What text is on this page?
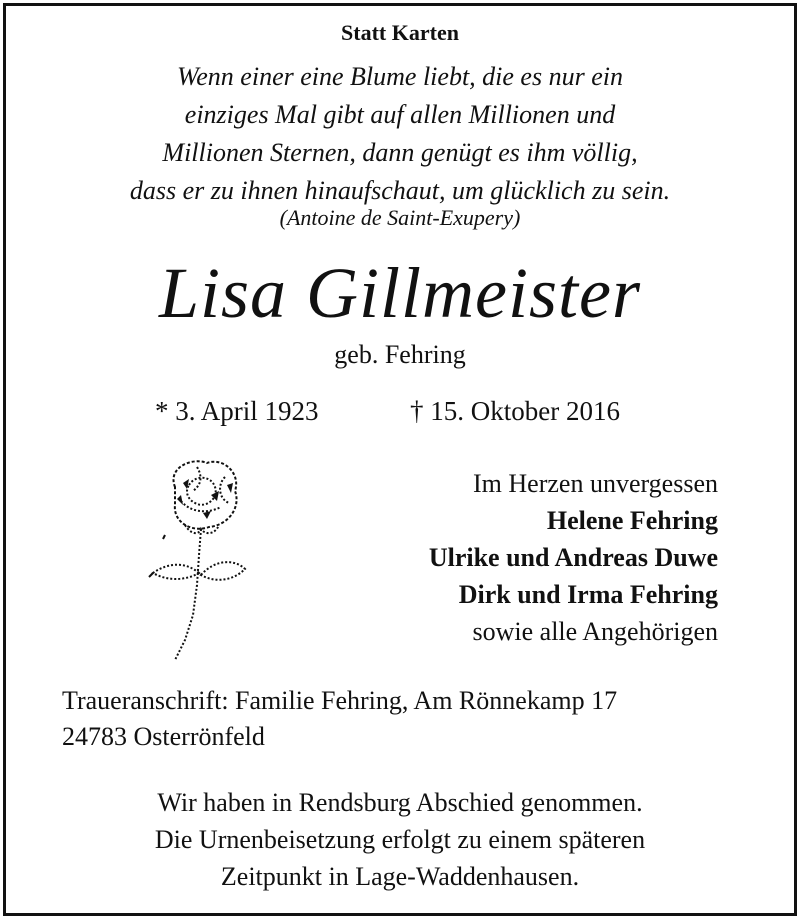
Statt Karten
Wenn einer eine Blume liebt, die es nur ein
einziges Mal gibt auf allen Millionen und
Millionen Sternen, dann genügt es ihm völlig,
dass er zu ihnen hinaufschaut, um glücklich zu sein.
(Antoine de Saint-Exupery)
Lisa Gillmeister
geb. Fehring
* 3. April 1923	† 15. Oktober 2016
Im Herzen unvergessen
Helene Fehring
Ulrike und Andreas Duwe
Dirk und Irma Fehring
sowie alle Angehörigen
Traueranschrift: Familie Fehring, Am Rönnekamp 17
24783 Osterrönfeld
Wir haben in Rendsburg Abschied genommen.
Die Urnenbeisetzung erfolgt zu einem späteren
Zeitpunkt in Lage-Waddenhausen.
